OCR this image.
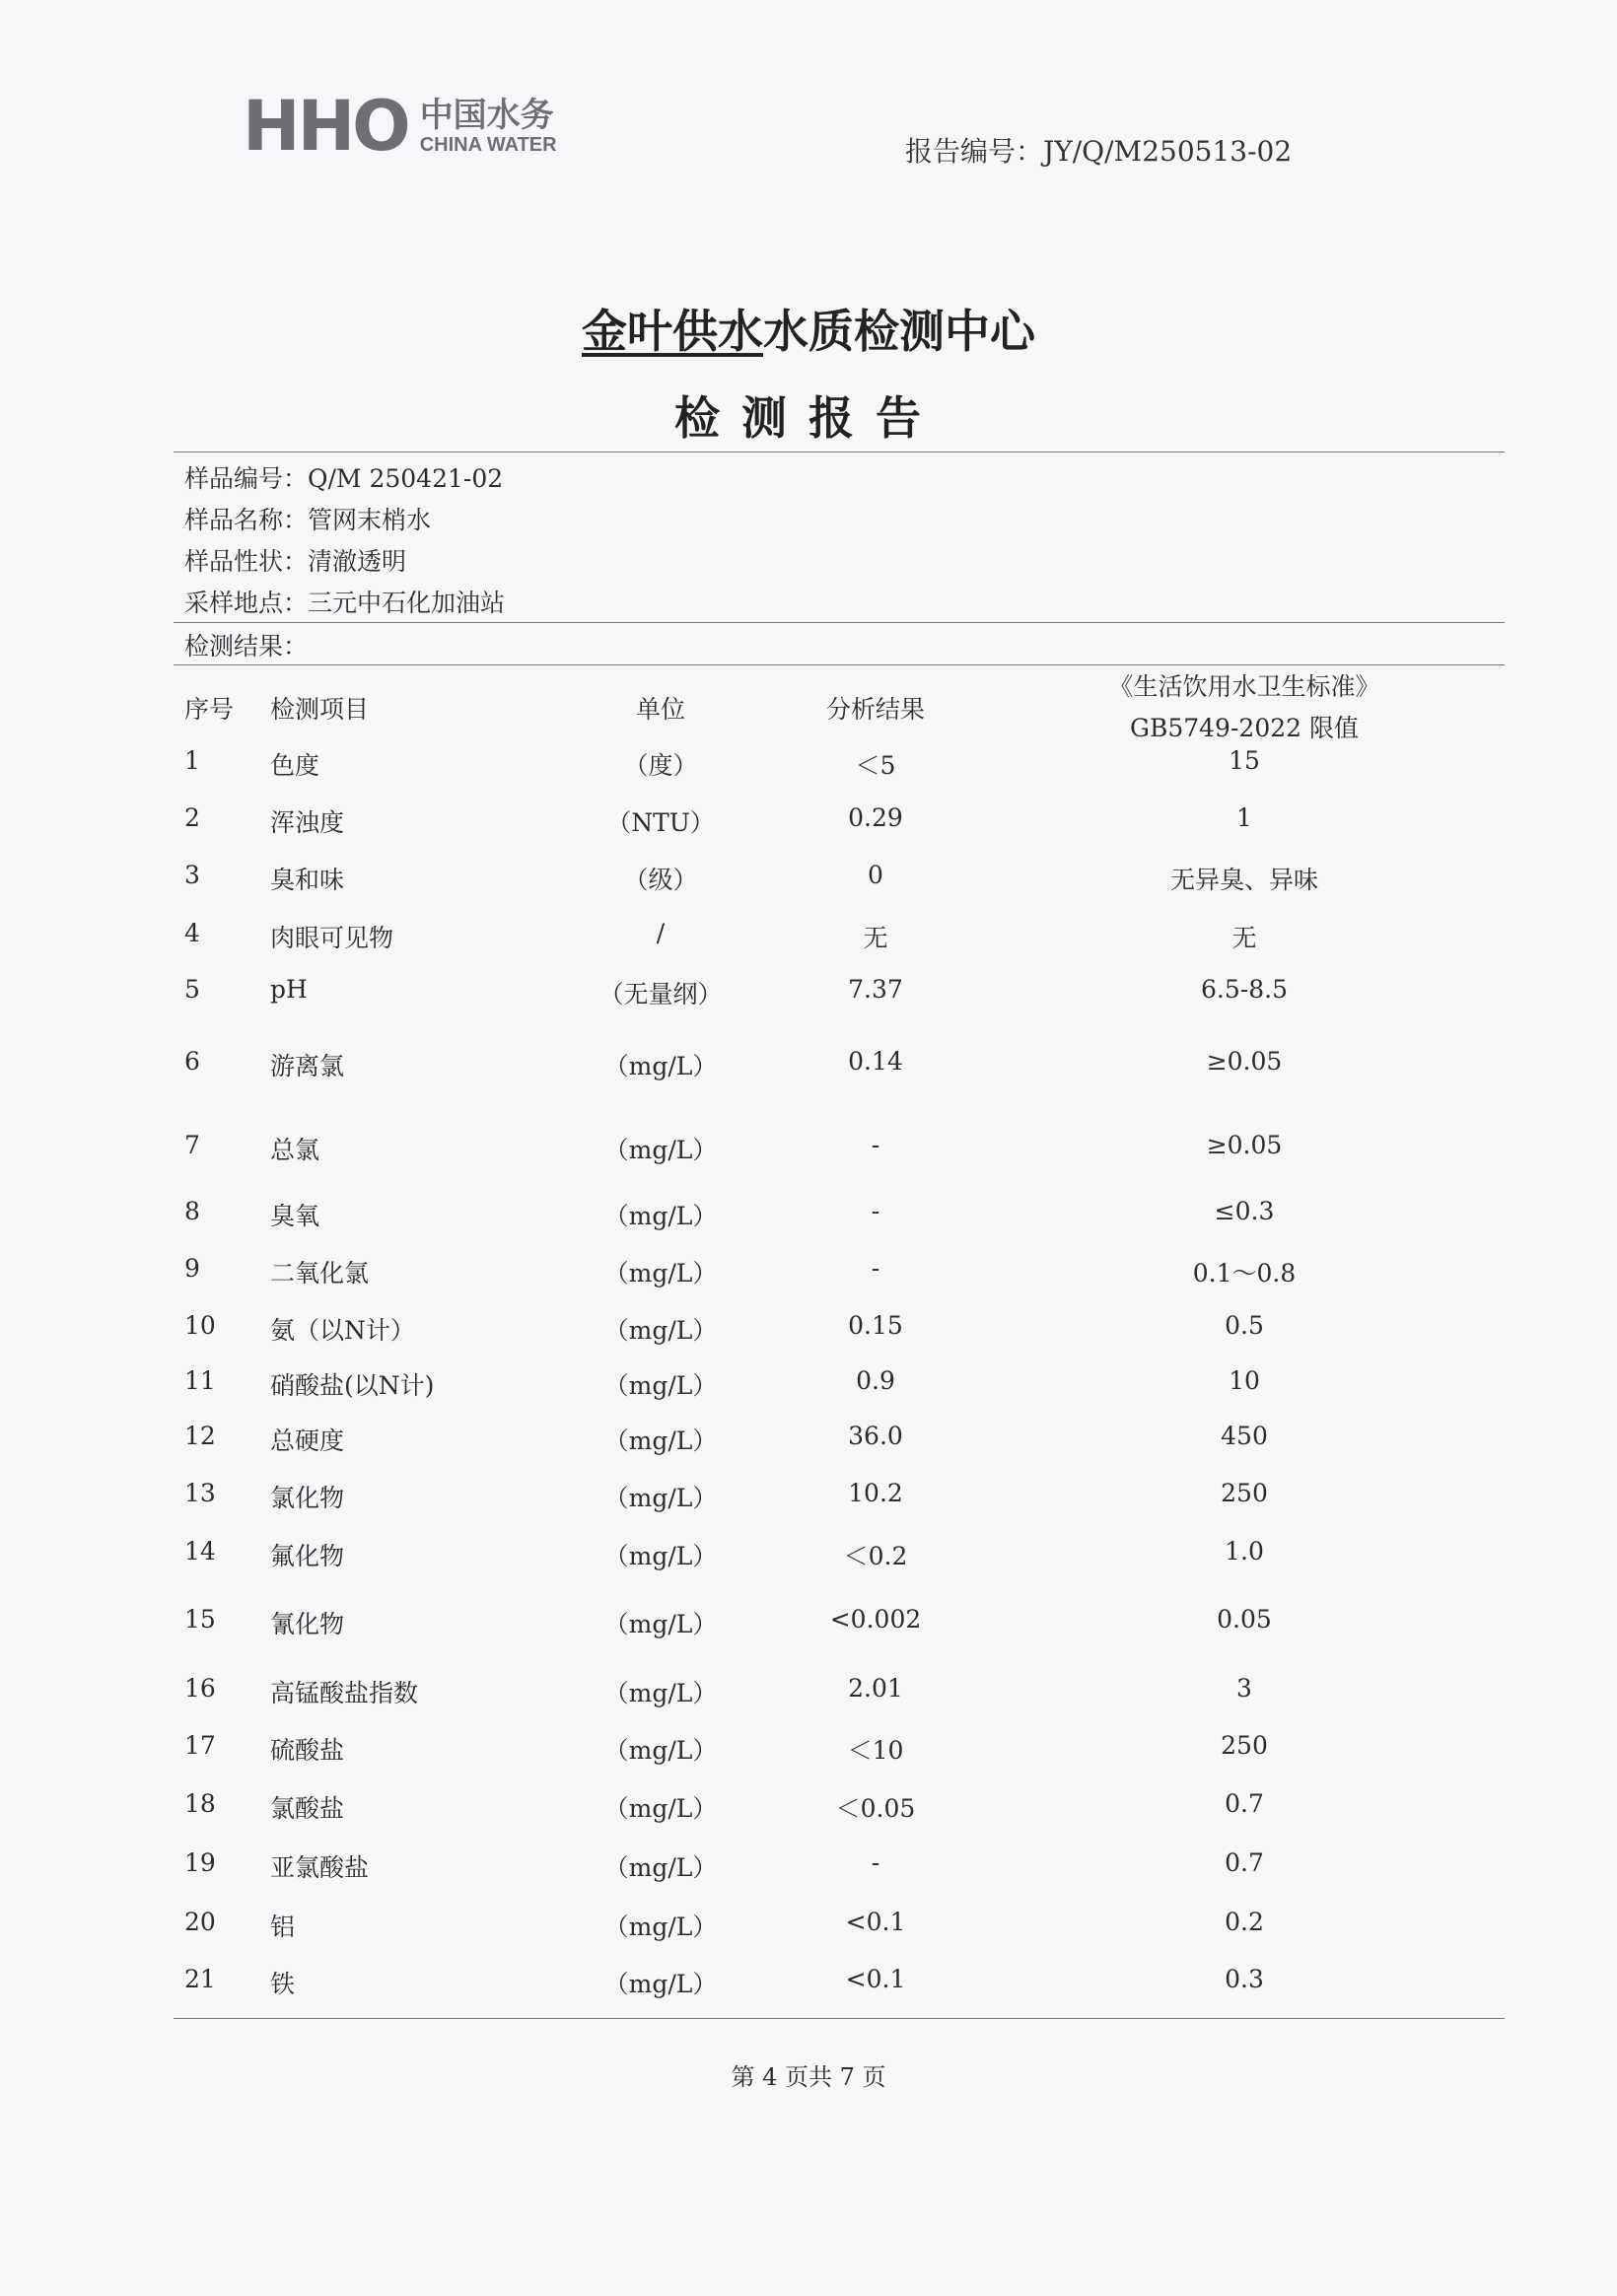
HHO 中国水务
CHINA WATER	报告编号：JY/Q/M250513-02
金叶供水水质检测中心
检测报告
样品编号：Q/M 250421-02
样品名称：管网末梢水
样品性状：清澈透明
采样地点：三元中石化加油站
检测结果：
序号 检测项目	单位	分析结果
《生活饮用水卫生标准》
GB5749-2022 限值
1	色度	（度）	＜5	15
2	浑浊度	（NTU）	0.29	1
3	臭和味	（级）	0	无异臭、异味
4	肉眼可见物	/	无	无
5	pH	（无量纲）	7.37	6.5-8.5
6	游离氯	（mg/L）	0.14	≥0.05
7	总氯	（mg/L）	-	≥0.05
8	臭氧	（mg/L）	-	≤0.3
9	二氧化氯	（mg/L）	-	0.1～0.8
10 氨（以N计）	（mg/L）	0.15	0.5
11 硝酸盐(以N计)	（mg/L）	0.9	10
12 总硬度	（mg/L）	36.0	450
13 氯化物	（mg/L）	10.2	250
14 氟化物	（mg/L）	＜0.2	1.0
15 氰化物	（mg/L）	<0.002	0.05
16 高锰酸盐指数	（mg/L）	2.01	3
17 硫酸盐	（mg/L）	＜10	250
18 氯酸盐	（mg/L）	＜0.05	0.7
19 亚氯酸盐	（mg/L）	-	0.7
20 铝	（mg/L）	<0.1	0.2
21 铁	（mg/L）	<0.1	0.3
第 4 页共 7 页
